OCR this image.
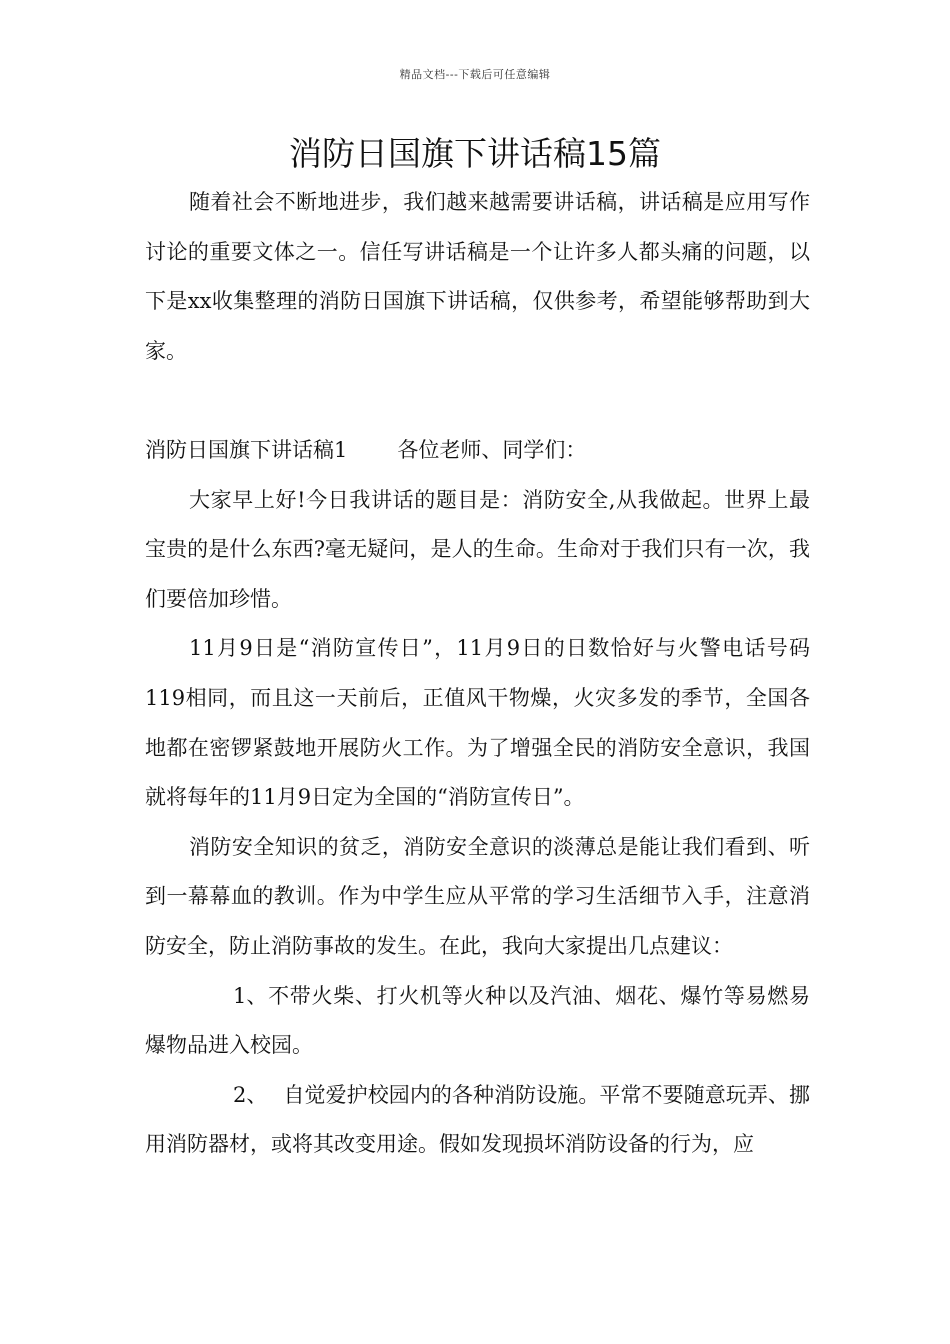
精品文档---下载后可任意编辑
消防日国旗下讲话稿15篇

随着社会不断地进步，我们越来越需要讲话稿，讲话稿是应用写作讨论的重要文体之一。信任写讲话稿是一个让许多人都头痛的问题，以下是xx收集整理的消防日国旗下讲话稿，仅供参考，希望能够帮助到大家。

消防日国旗下讲话稿1 各位老师、同学们：

大家早上好!今日我讲话的题目是：消防安全,从我做起。世界上最宝贵的是什么东西?毫无疑问，是人的生命。生命对于我们只有一次，我们要倍加珍惜。

11月9日是“消防宣传日”，11月9日的日数恰好与火警电话号码119相同，而且这一天前后，正值风干物燥，火灾多发的季节，全国各地都在密锣紧鼓地开展防火工作。为了增强全民的消防安全意识，我国就将每年的11月9日定为全国的“消防宣传日”。

消防安全知识的贫乏，消防安全意识的淡薄总是能让我们看到、听到一幕幕血的教训。作为中学生应从平常的学习生活细节入手，注意消防安全，防止消防事故的发生。在此，我向大家提出几点建议：

1、不带火柴、打火机等火种以及汽油、烟花、爆竹等易燃易爆物品进入校园。

2、 自觉爱护校园内的各种消防设施。平常不要随意玩弄、挪用消防器材，或将其改变用途。假如发现损坏消防设备的行为，应
